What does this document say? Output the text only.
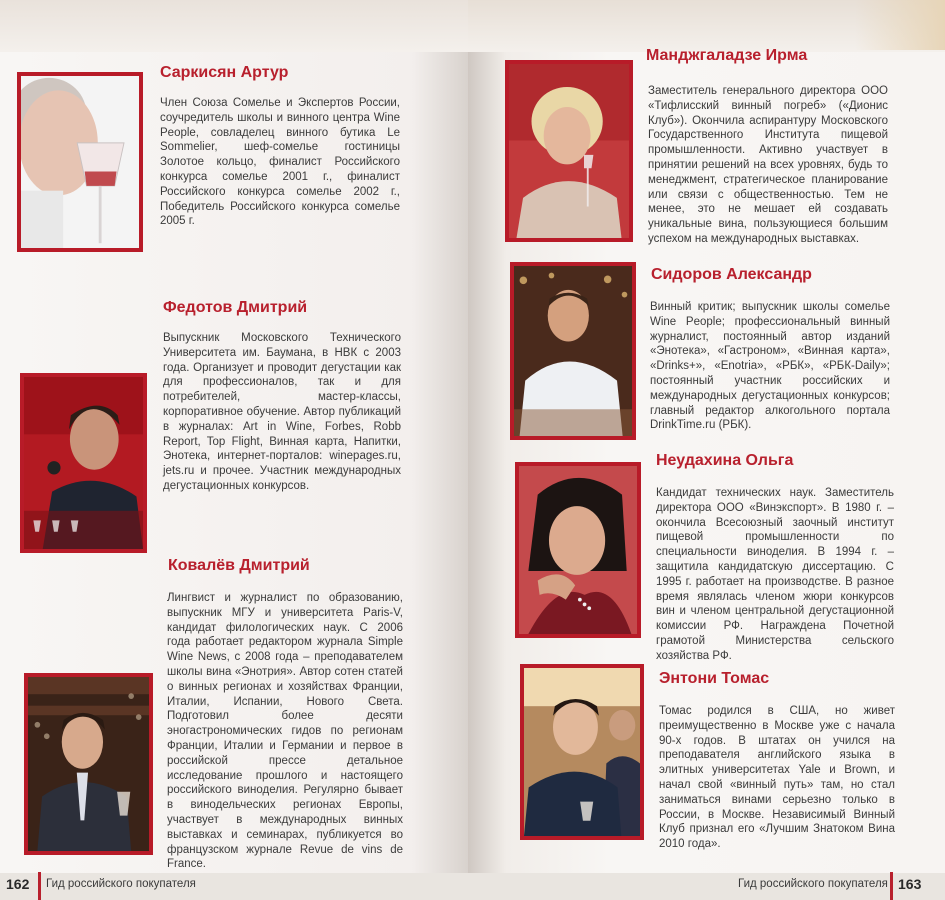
Саркисян Артур
Член Союза Сомелье и Экспертов России, соучредитель школы и винного центра Wine People, совладелец винного бутика Le Sommelier, шеф-сомелье гостиницы Золотое кольцо, финалист Российского конкурса сомелье 2001 г., финалист Российского конкурса сомелье 2002 г., Победитель Российского конкурса сомелье 2005 г.
Федотов Дмитрий
Выпускник Московского Технического Университета им. Баумана, в НВК с 2003 года. Организует и проводит дегустации как для профессионалов, так и для потребителей, мастер-классы, корпоративное обучение. Автор публикаций в журналах: Art in Wine, Forbes, Robb Report, Top Flight, Винная карта, Напитки, Энотека, интернет-порталов: winepages.ru, jets.ru и прочее. Участник международных дегустационных конкурсов.
Ковалёв Дмитрий
Лингвист и журналист по образованию, выпускник МГУ и университета Paris-V, кандидат филологических наук. С 2006 года работает редактором журнала Simple Wine News, с 2008 года – преподавателем школы вина «Энотрия». Автор сотен статей о винных регионах и хозяйствах Франции, Италии, Испании, Нового Света. Подготовил более десяти эногастрономических гидов по регионам Франции, Италии и Германии и первое в российской прессе детальное исследование прошлого и настоящего российского виноделия. Регулярно бывает в винодельческих регионах Европы, участвует в международных винных выставках и семинарах, публикуется во французском журнале Revue de vins de France.
162 Гид российского покупателя
Манджгаладзе Ирма
Заместитель генерального директора ООО «Тифлисский винный погреб» («Дионис Клуб»). Окончила аспирантуру Московского Государственного Института пищевой промышленности. Активно участвует в принятии решений на всех уровнях, будь то менеджмент, стратегическое планирование или связи с общественностью. Тем не менее, это не мешает ей создавать уникальные вина, пользующиеся большим успехом на международных выставках.
Сидоров Александр
Винный критик; выпускник школы сомелье Wine People; профессиональный винный журналист, постоянный автор изданий «Энотека», «Гастроном», «Винная карта», «Drinks+», «Enotria», «РБК», «РБК-Daily»; постоянный участник российских и международных дегустационных конкурсов; главный редактор алкогольного портала DrinkTime.ru (РБК).
Неудахина Ольга
Кандидат технических наук. Заместитель директора ООО «Винэкспорт». В 1980 г. – окончила Всесоюзный заочный институт пищевой промышленности по специальности виноделия. В 1994 г. – защитила кандидатскую диссертацию. С 1995 г. работает на производстве. В разное время являлась членом жюри конкурсов вин и членом центральной дегустационной комиссии РФ. Награждена Почетной грамотой Министерства сельского хозяйства РФ.
Энтони Томас
Томас родился в США, но живет преимущественно в Москве уже с начала 90-х годов. В штатах он учился на преподавателя английского языка в элитных университетах Yale и Brown, и начал свой «винный путь» там, но стал заниматься винами серьезно только в России, в Москве. Независимый Винный Клуб признал его «Лучшим Знатоком Вина 2010 года».
Гид российского покупателя 163
